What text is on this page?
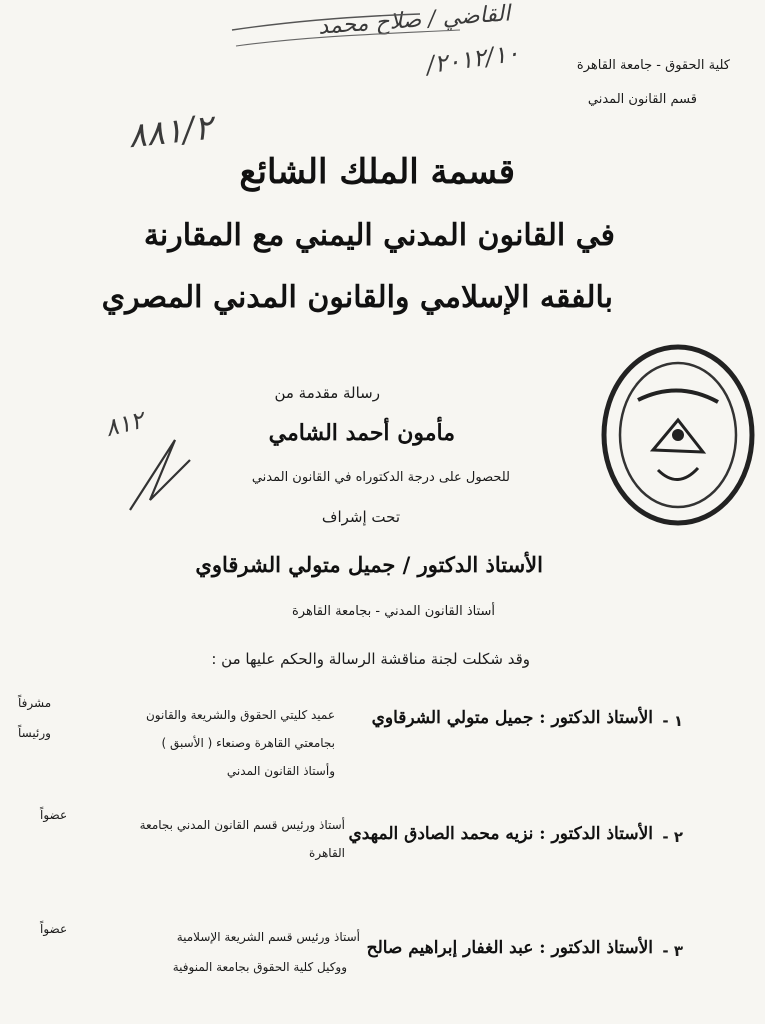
كلية الحقوق - جامعة القاهرة
قسم القانون المدني
القاضي / صلاح محمد
٢٠١٢/١٠/
٨٨١/٢
٨١٢
قسمة الملك الشائع
في القانون المدني اليمني مع المقارنة
بالفقه الإسلامي والقانون المدني المصري
رسالة مقدمة من
مأمون أحمد الشامي
للحصول على درجة الدكتوراه في القانون المدني
تحت إشراف
الأستاذ الدكتور / جميل متولي الشرقاوي
أستاذ القانون المدني - بجامعة القاهرة
وقد شكلت لجنة مناقشة الرسالة والحكم عليها من :
١ -
الأستاذ الدكتور : جميل متولي الشرقاوي
عميد كليتي الحقوق والشريعة والقانون
بجامعتي القاهرة وصنعاء ( الأسبق )
وأستاذ القانون المدني
مشرفاً
ورئيساً
٢ -
الأستاذ الدكتور : نزيه محمد الصادق المهدي
أستاذ ورئيس قسم القانون المدني بجامعة
القاهرة
عضواً
٣ -
الأستاذ الدكتور : عبد الغفار إبراهيم صالح
أستاذ ورئيس قسم الشريعة الإسلامية
ووكيل كلية الحقوق بجامعة المنوفية
عضواً
